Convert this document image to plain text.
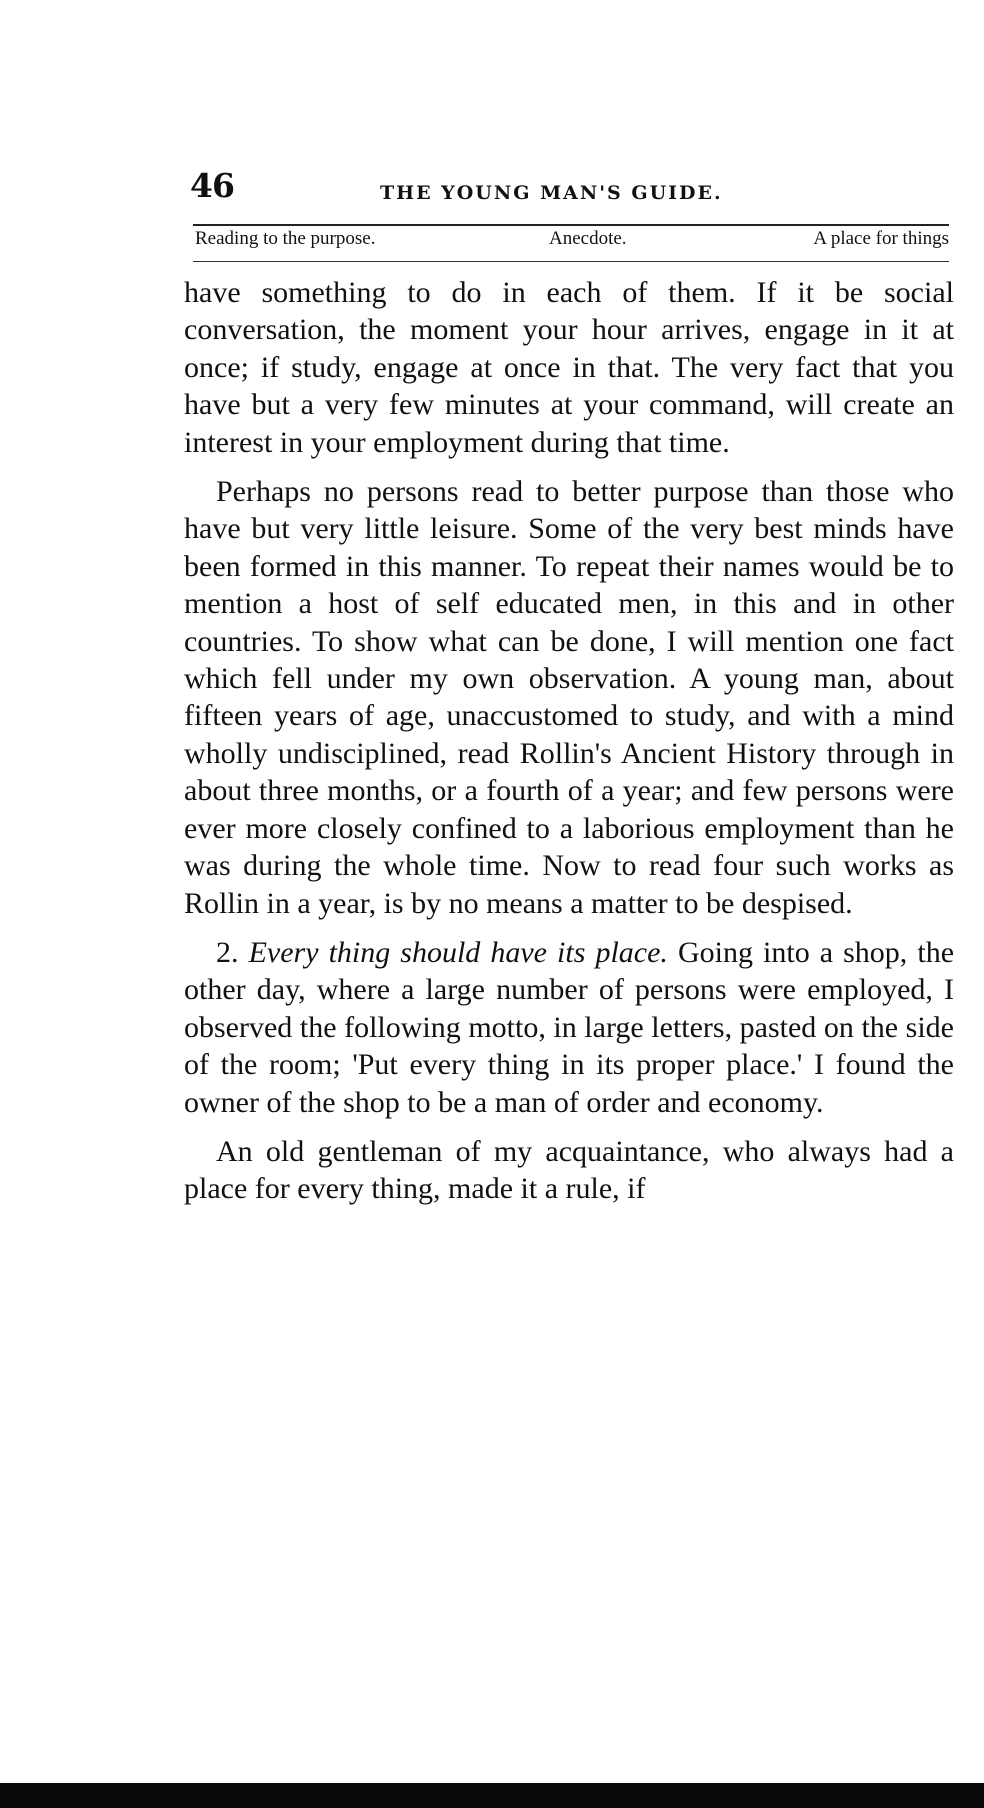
46	THE YOUNG MAN'S GUIDE.
Reading to the purpose.	Anecdote.	A place for things

have something to do in each of them. If it be social conversation, the moment your hour arrives, engage in it at once; if study, engage at once in that. The very fact that you have but a very few minutes at your command, will create an interest in your employment during that time.

Perhaps no persons read to better purpose than those who have but very little leisure. Some of the very best minds have been formed in this manner. To repeat their names would be to mention a host of self educated men, in this and in other countries. To show what can be done, I will mention one fact which fell under my own observation. A young man, about fifteen years of age, unaccustomed to study, and with a mind wholly undisciplined, read Rollin's Ancient History through in about three months, or a fourth of a year; and few persons were ever more closely confined to a laborious employment than he was during the whole time. Now to read four such works as Rollin in a year, is by no means a matter to be despised.

2. Every thing should have its place. Going into a shop, the other day, where a large number of persons were employed, I observed the following motto, in large letters, pasted on the side of the room; 'Put every thing in its proper place.' I found the owner of the shop to be a man of order and economy.

An old gentleman of my acquaintance, who always had a place for every thing, made it a rule, if
